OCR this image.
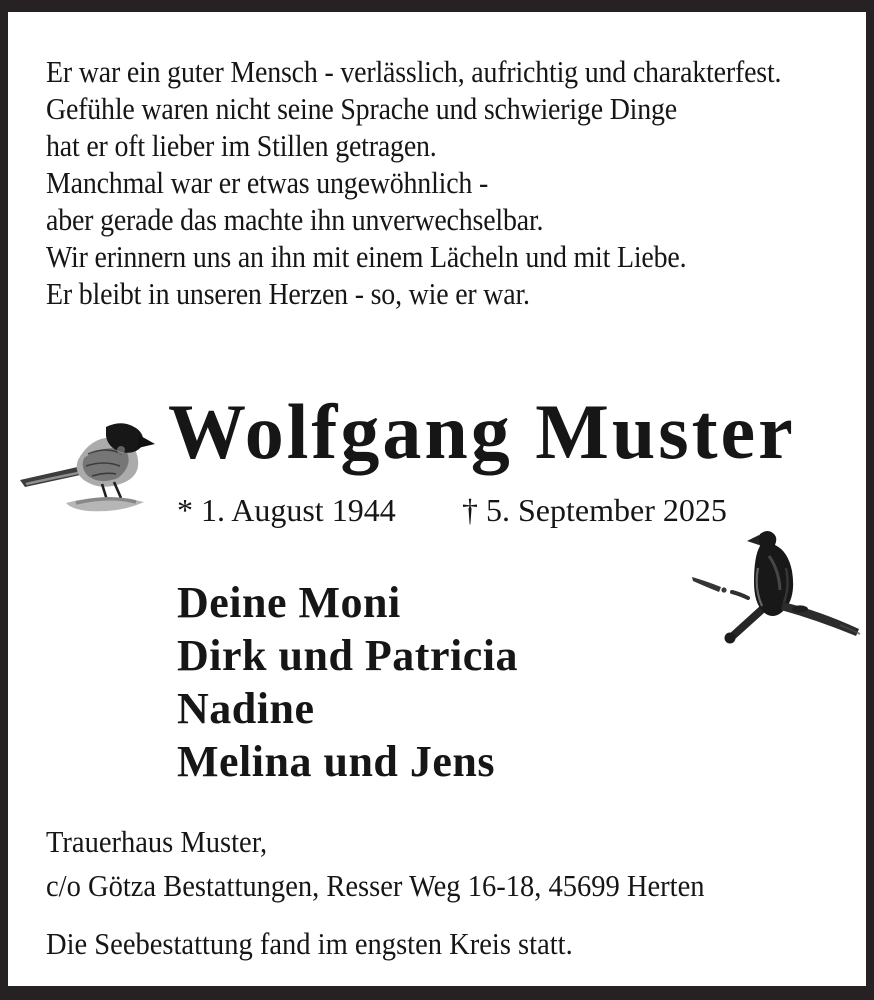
Er war ein guter Mensch - verlässlich, aufrichtig und charakterfest.
Gefühle waren nicht seine Sprache und schwierige Dinge
hat er oft lieber im Stillen getragen.
Manchmal war er etwas ungewöhnlich -
aber gerade das machte ihn unverwechselbar.
Wir erinnern uns an ihn mit einem Lächeln und mit Liebe.
Er bleibt in unseren Herzen - so, wie er war.
Wolfgang Muster
* 1. August 1944 † 5. September 2025
Deine Moni
Dirk und Patricia
Nadine
Melina und Jens
Trauerhaus Muster,
c/o Götza Bestattungen, Resser Weg 16-18, 45699 Herten
Die Seebestattung fand im engsten Kreis statt.
